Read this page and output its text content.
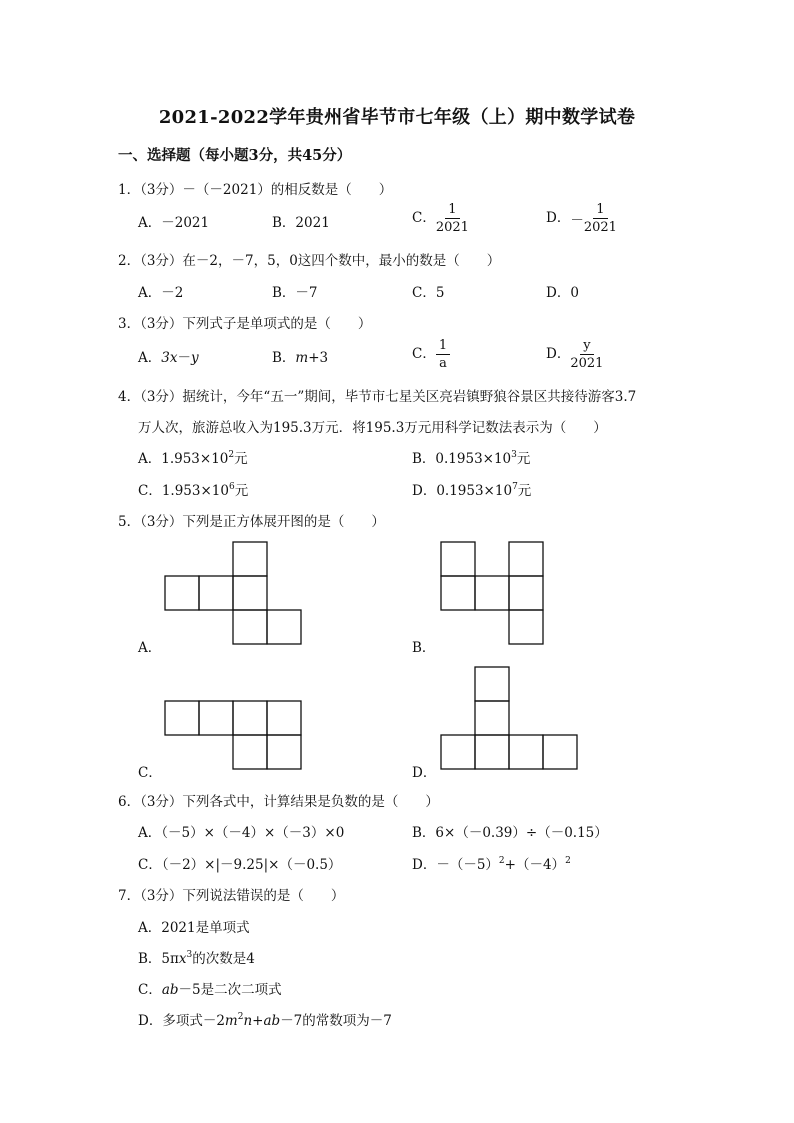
2021-2022学年贵州省毕节市七年级（上）期中数学试卷
一、选择题（每小题3分，共45分）
1．（3分）－（－2021）的相反数是（　　）
A．－2021	B．2021	C． $\frac{1}{2021}$	D．－ $\frac{1}{2021}$
2．（3分）在－2，－7，5，0这四个数中，最小的数是（　　）
A．－2	B．－7	C．5	D．0
3．（3分）下列式子是单项式的是（　　）
A．3x－y	B．m+3	C． $\frac{1}{a}$	D． $\frac{y}{2021}$
4．（3分）据统计，今年“五一”期间，毕节市七星关区亮岩镇野狼谷景区共接待游客3.7
万人次，旅游总收入为195.3万元．将195.3万元用科学记数法表示为（　　）
A．$1.953\times 10^2$元	B．$0.1953\times 10^3$元
C．$1.953\times 10^6$元	D．$0.1953\times 10^7$元
5．（3分）下列是正方体展开图的是（　　）
A．	B．
C．	D．
6．（3分）下列各式中，计算结果是负数的是（　　）
A．（－5）×（－4）×（－3）×0	B．6×（－0.39）÷（－0.15）
C．（－2）×|－9.25|×（－0.5）	D．$-(-5)^2+(-4)^2$
7．（3分）下列说法错误的是（　　）
A．2021是单项式
B．$5\pi x^3$的次数是4
C．ab－5是二次二项式
D．多项式$-2m^2n+ab-7$的常数项为－7
